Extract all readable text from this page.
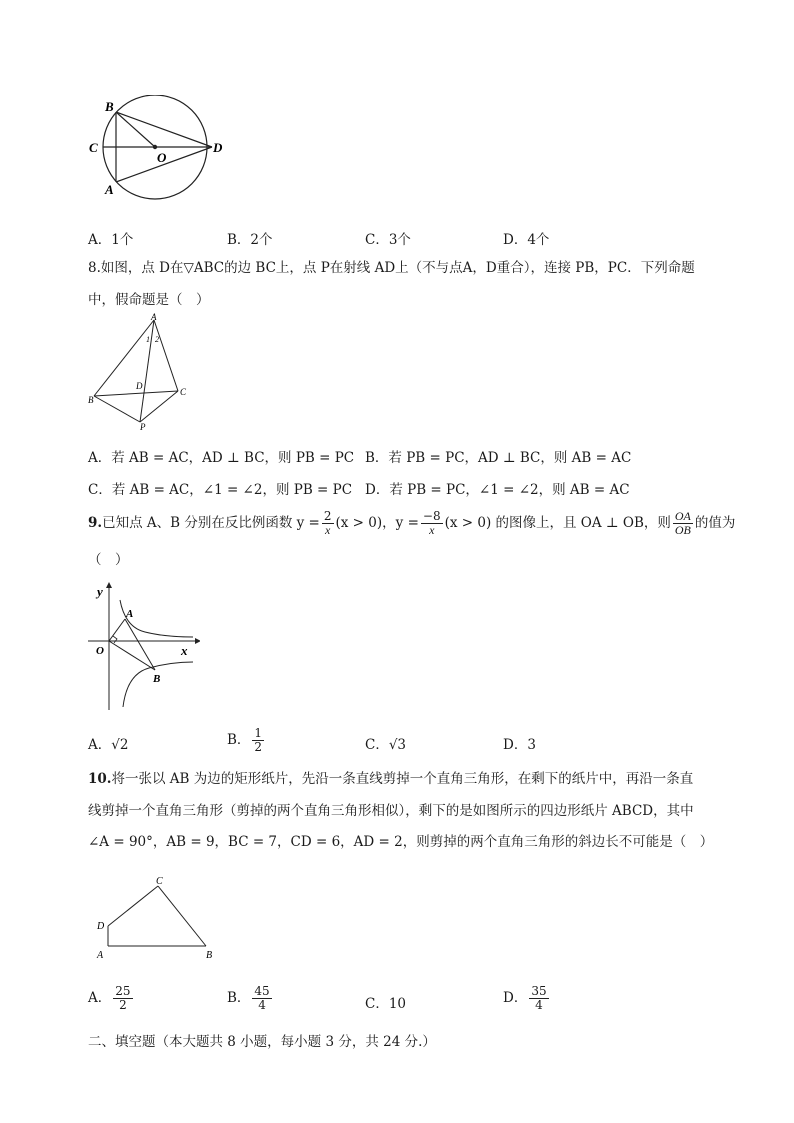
B
C
O
D
A
A．1个	B．2个	C．3个	D．4个
8.如图，点 D在▽ABC的边 BC上，点 P在射线 AD上（不与点A，D重合），连接 PB，PC．下列命题
中，假命题是（　）
A
1 2
D
B
C
P
A．若 AB = AC，AD ⊥ BC，则 PB = PC B．若 PB = PC，AD ⊥ BC，则 AB = AC
C．若 AB = AC，∠1 = ∠2，则 PB = PC D．若 PB = PC，∠1 = ∠2，则 AB = AC
9.已知点 A、B 分别在反比例函数 $y = \frac{2}{x} (x > 0)$，$y = \frac{-8}{x} (x > 0)$ 的图像上，且 OA ⊥ OB，则 $\frac{OA}{OB}$ 的值为
（　）
y
x
O
A
B
A．√2	B． $\frac{1}{2}$	C．√3	D．3
10.将一张以 AB 为边的矩形纸片，先沿一条直线剪掉一个直角三角形，在剩下的纸片中，再沿一条直
线剪掉一个直角三角形（剪掉的两个直角三角形相似），剩下的是如图所示的四边形纸片 ABCD，其中
∠A = 90°，AB = 9，BC = 7，CD = 6，AD = 2，则剪掉的两个直角三角形的斜边长不可能是（　）
C
D
A	B
A． $\frac{25}{2}$	B． $\frac{45}{4}$	C．10	D． $\frac{35}{4}$
二、填空题（本大题共 8 小题，每小题 3 分，共 24 分.）
